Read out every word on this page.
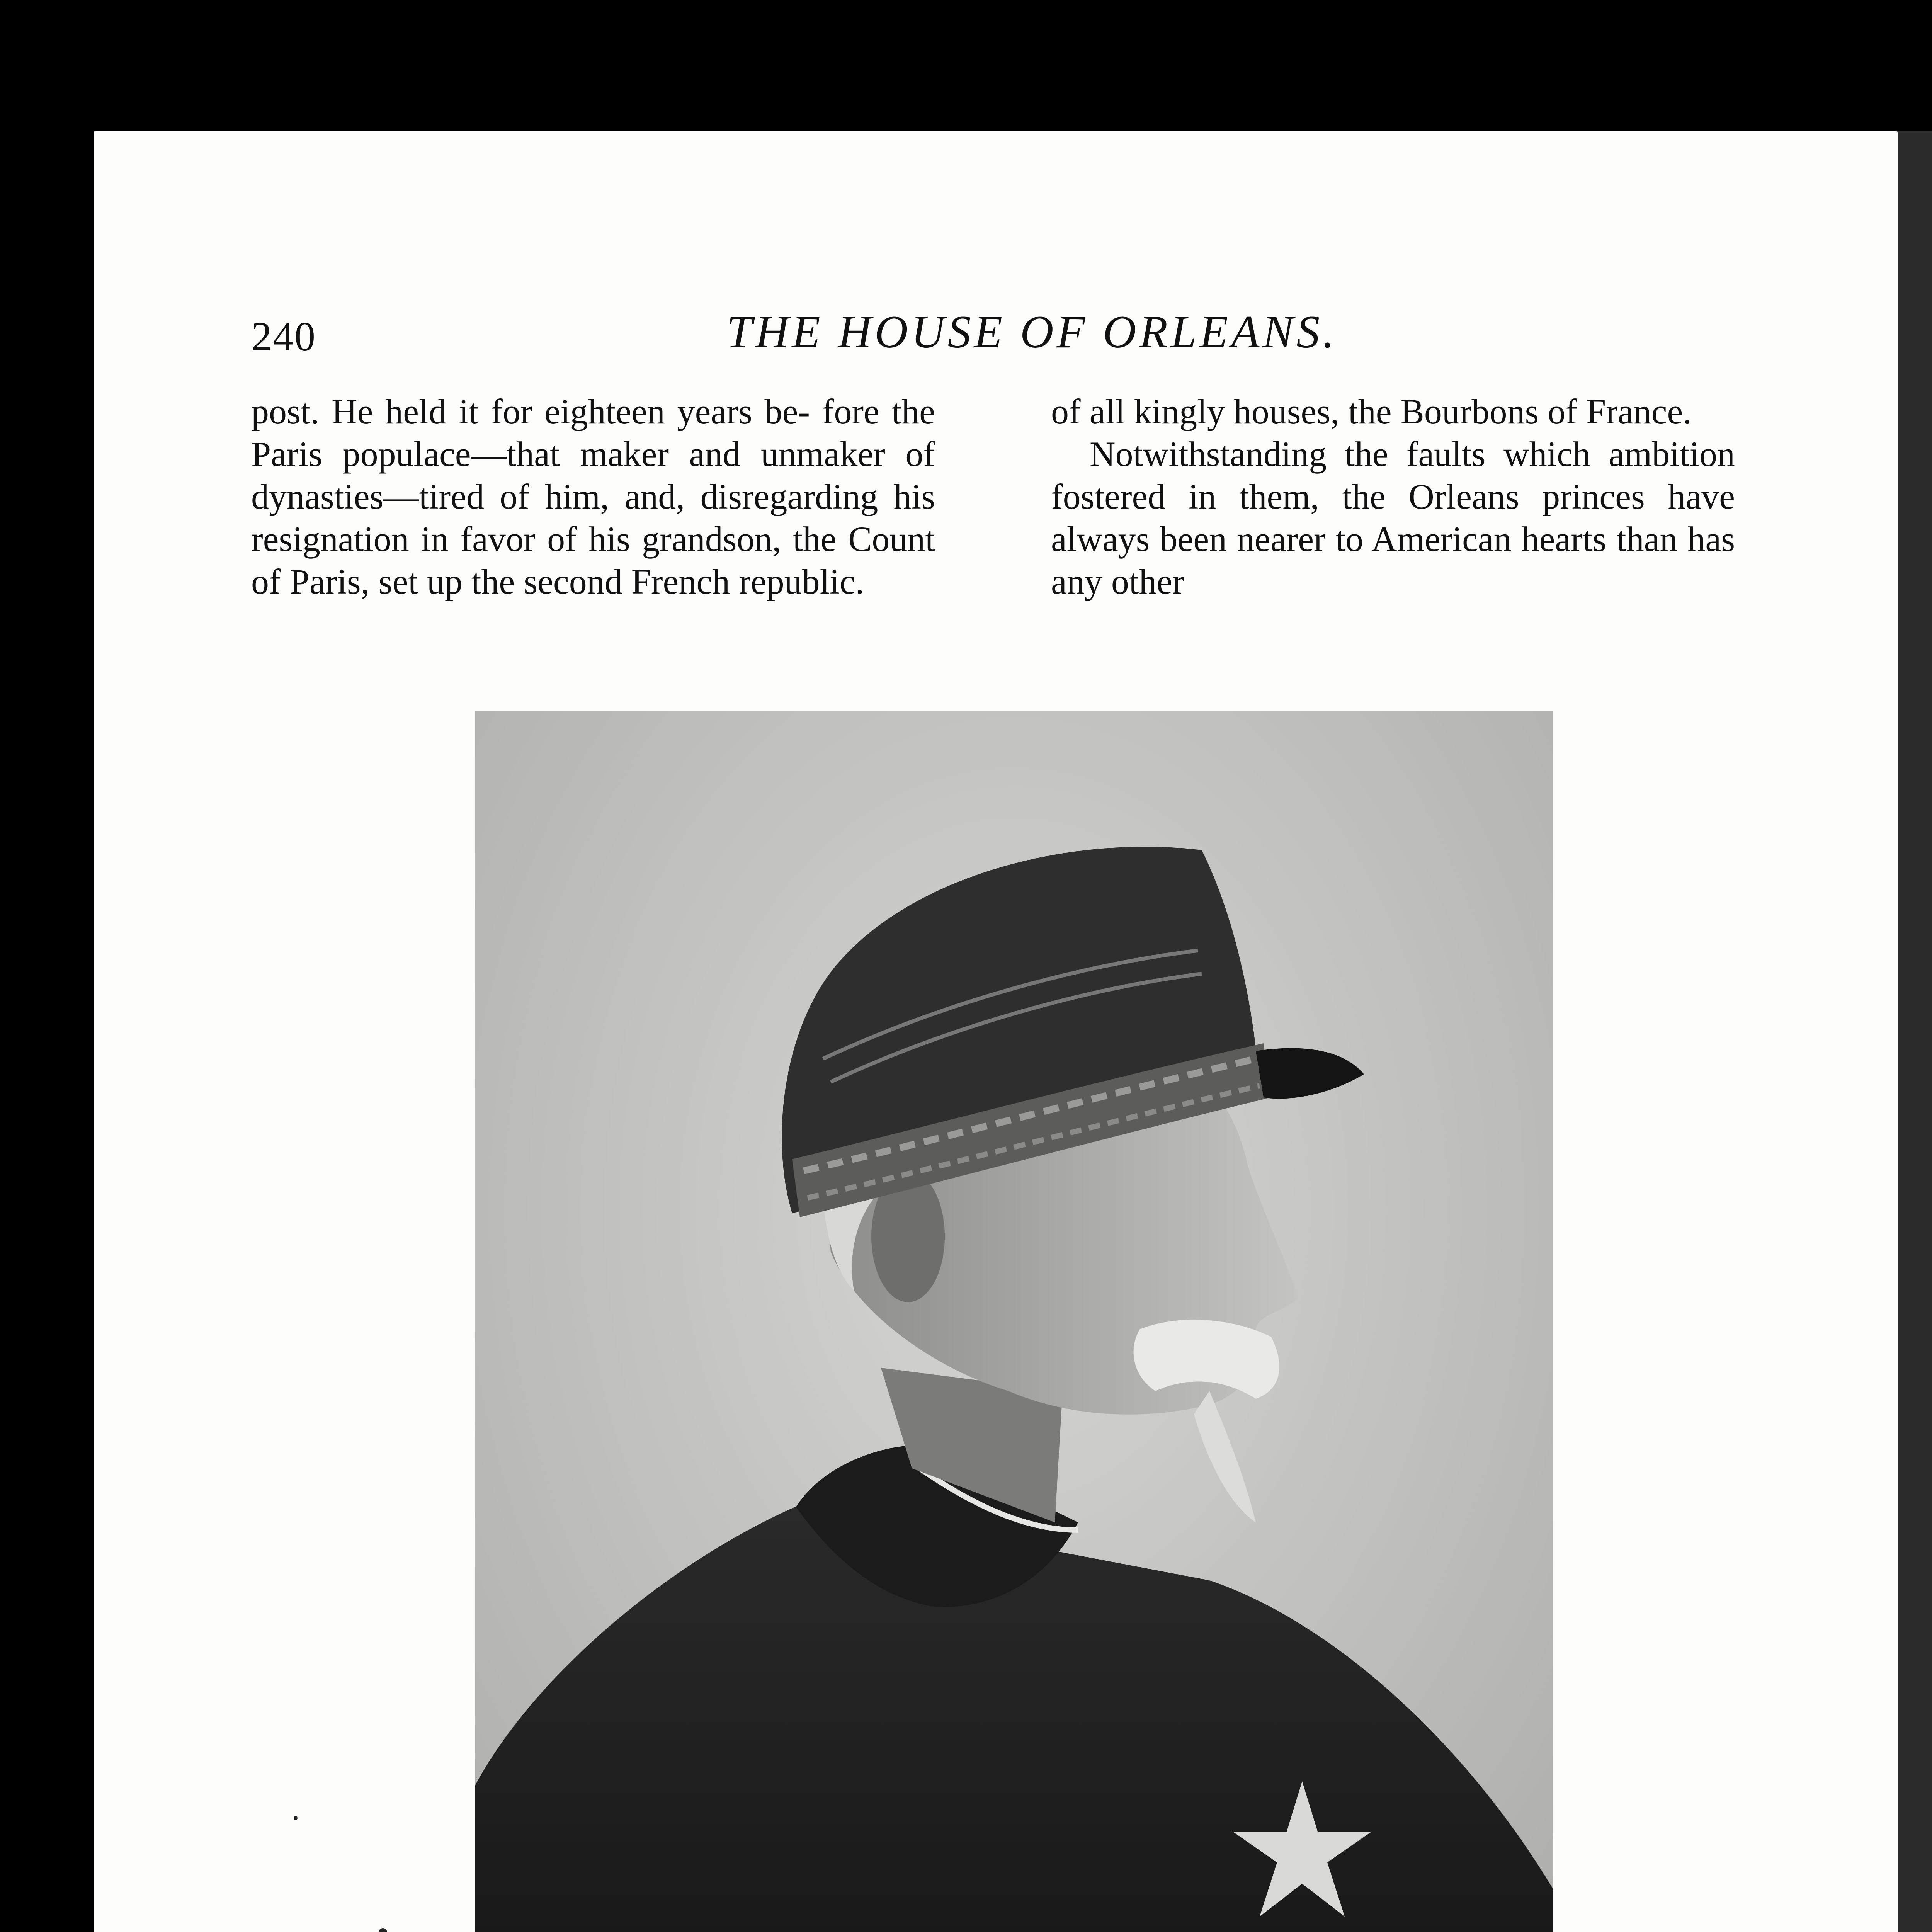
240	THE HOUSE OF ORLEANS.

post. He held it for eighteen years be- fore the Paris populace—that maker and unmaker of dynasties—tired of him, and, disregarding his resignation in favor of his grandson, the Count of Paris, set up the second French republic.

of all kingly houses, the Bourbons of France.

Notwithstanding the faults which ambition fostered in them, the Orleans princes have always been nearer to American hearts than has any other
